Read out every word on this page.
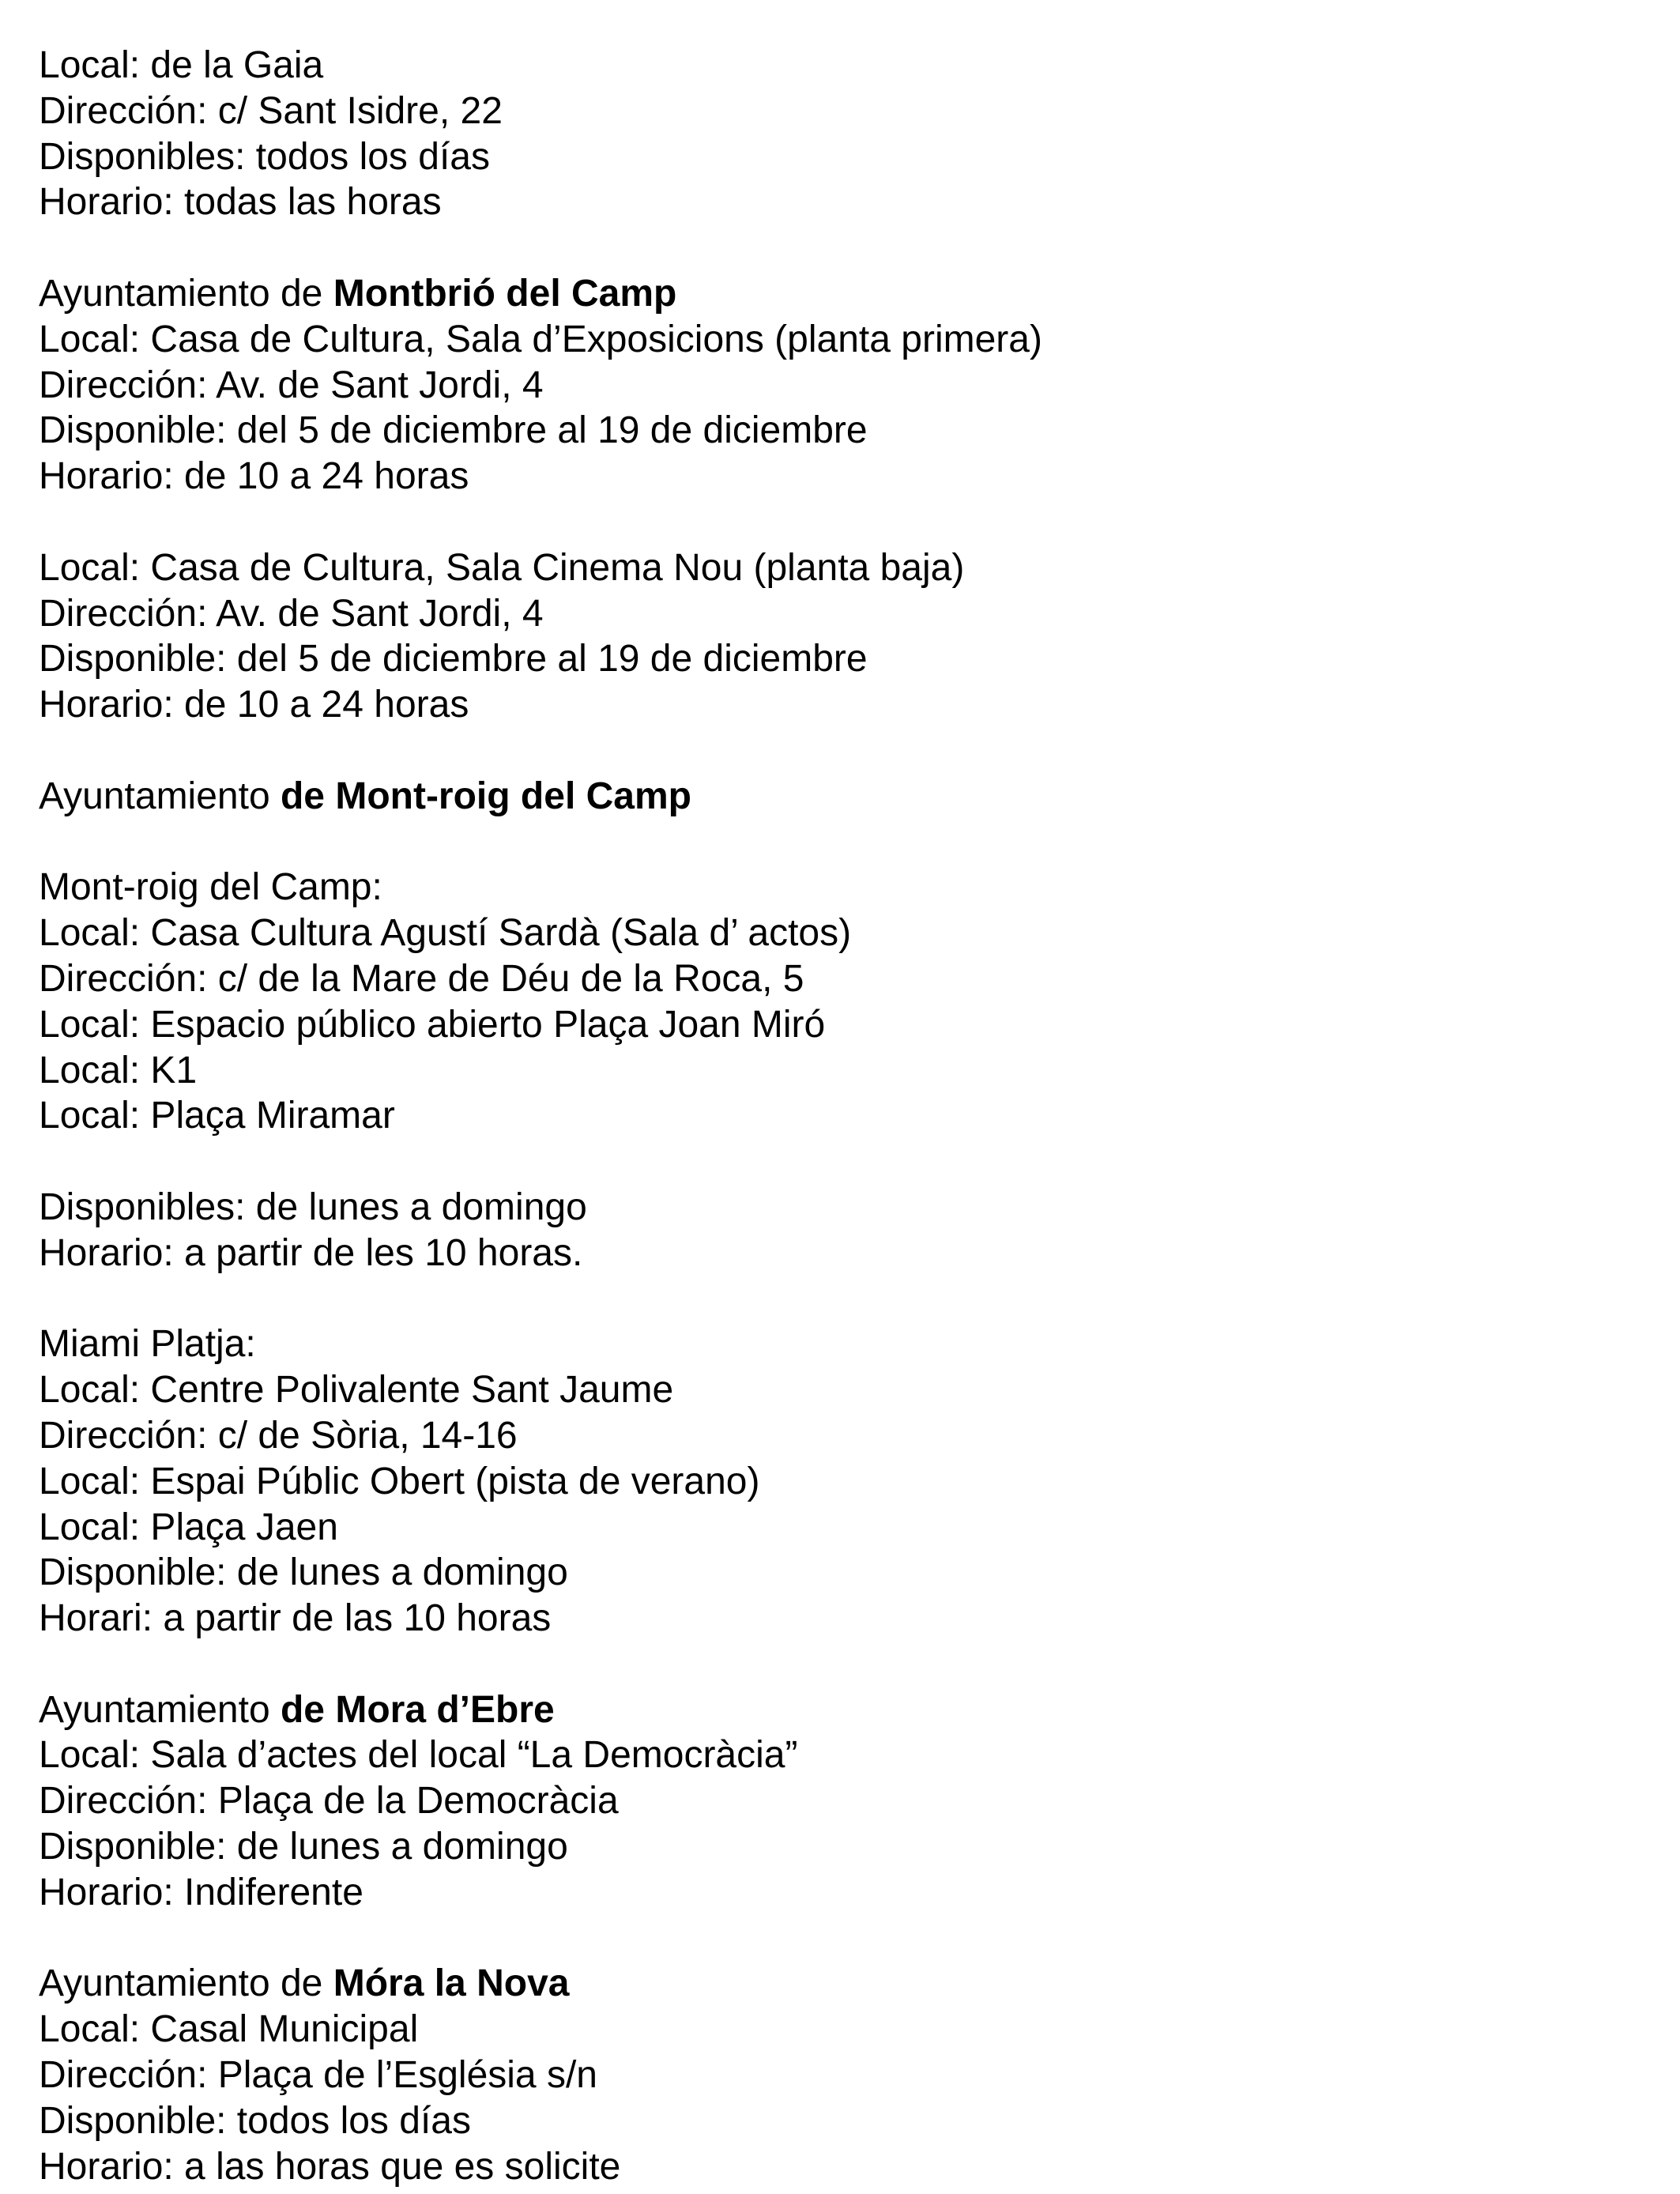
Local: de la Gaia
Dirección: c/ Sant Isidre, 22
Disponibles: todos los días
Horario: todas las horas
Ayuntamiento de Montbrió del Camp
Local: Casa de Cultura, Sala d’Exposicions (planta primera)
Dirección: Av. de Sant Jordi, 4
Disponible: del 5 de diciembre al 19 de diciembre
Horario: de 10 a 24 horas
Local: Casa de Cultura, Sala Cinema Nou (planta baja)
Dirección: Av. de Sant Jordi, 4
Disponible: del 5 de diciembre al 19 de diciembre
Horario: de 10 a 24 horas
Ayuntamiento de Mont-roig del Camp
Mont-roig del Camp:
Local: Casa Cultura Agustí Sardà (Sala d’ actos)
Dirección: c/ de la Mare de Déu de la Roca, 5
Local: Espacio público abierto Plaça Joan Miró
Local: K1
Local: Plaça Miramar
Disponibles: de lunes a domingo
Horario: a partir de les 10 horas.
Miami Platja:
Local: Centre Polivalente Sant Jaume
Dirección: c/ de Sòria, 14-16
Local: Espai Públic Obert (pista de verano)
Local: Plaça Jaen
Disponible: de lunes a domingo
Horari: a partir de las 10 horas
Ayuntamiento de Mora d’Ebre
Local: Sala d’actes del local “La Democràcia”
Dirección: Plaça de la Democràcia
Disponible: de lunes a domingo
Horario: Indiferente
Ayuntamiento de Móra la Nova
Local: Casal Municipal
Dirección: Plaça de l’Església s/n
Disponible: todos los días
Horario: a las horas que es solicite
